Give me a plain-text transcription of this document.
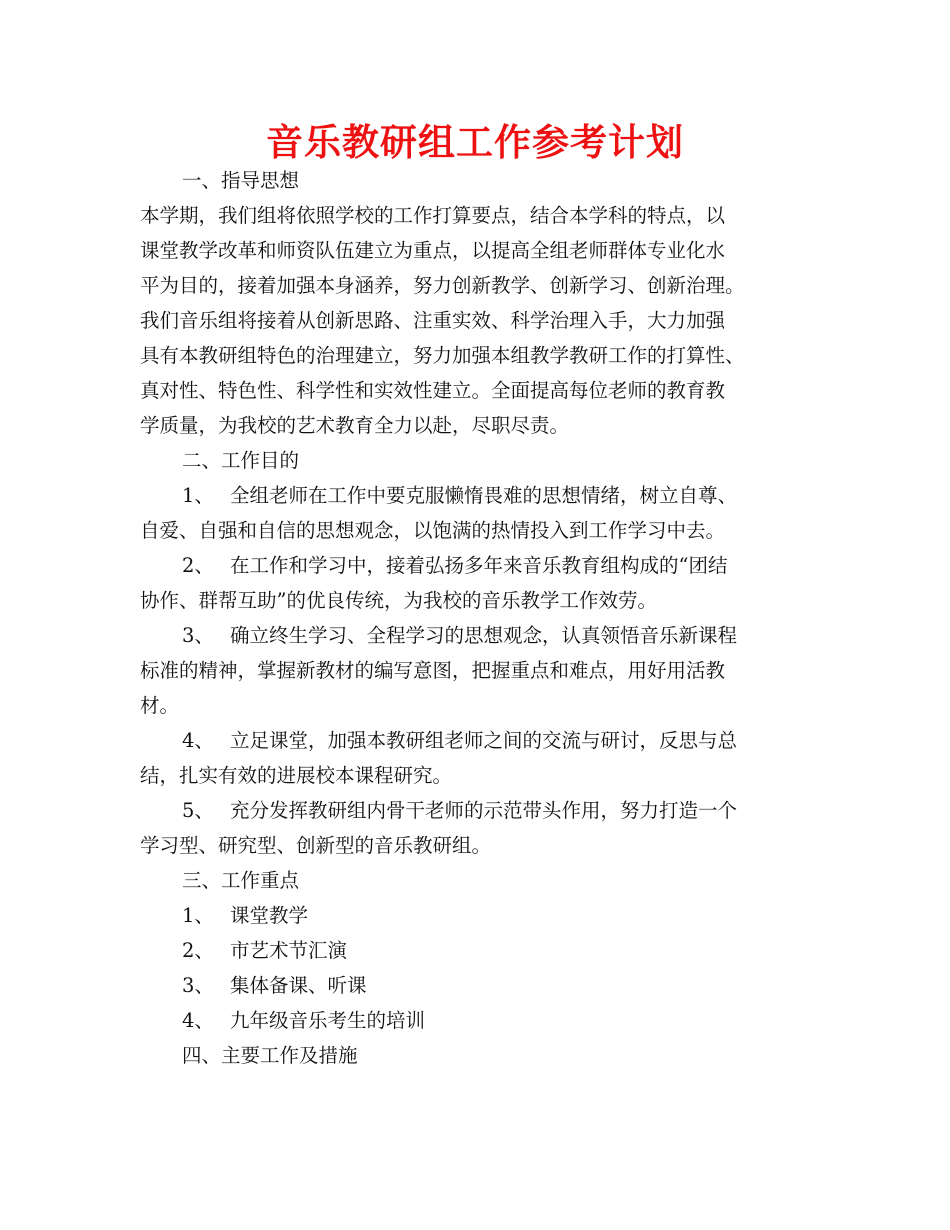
音乐教研组工作参考计划
一、指导思想
本学期，我们组将依照学校的工作打算要点，结合本学科的特点，以
课堂教学改革和师资队伍建立为重点，以提高全组老师群体专业化水
平为目的，接着加强本身涵养，努力创新教学、创新学习、创新治理。
我们音乐组将接着从创新思路、注重实效、科学治理入手，大力加强
具有本教研组特色的治理建立，努力加强本组教学教研工作的打算性、
真对性、特色性、科学性和实效性建立。全面提高每位老师的教育教
学质量，为我校的艺术教育全力以赴，尽职尽责。
二、工作目的
1、 全组老师在工作中要克服懒惰畏难的思想情绪，树立自尊、
自爱、自强和自信的思想观念，以饱满的热情投入到工作学习中去。
2、 在工作和学习中，接着弘扬多年来音乐教育组构成的“团结
协作、群帮互助”的优良传统，为我校的音乐教学工作效劳。
3、 确立终生学习、全程学习的思想观念，认真领悟音乐新课程
标准的精神，掌握新教材的编写意图，把握重点和难点，用好用活教
材。
4、 立足课堂，加强本教研组老师之间的交流与研讨，反思与总
结，扎实有效的进展校本课程研究。
5、 充分发挥教研组内骨干老师的示范带头作用，努力打造一个
学习型、研究型、创新型的音乐教研组。
三、工作重点
1、 课堂教学
2、 市艺术节汇演
3、 集体备课、听课
4、 九年级音乐考生的培训
四、主要工作及措施
